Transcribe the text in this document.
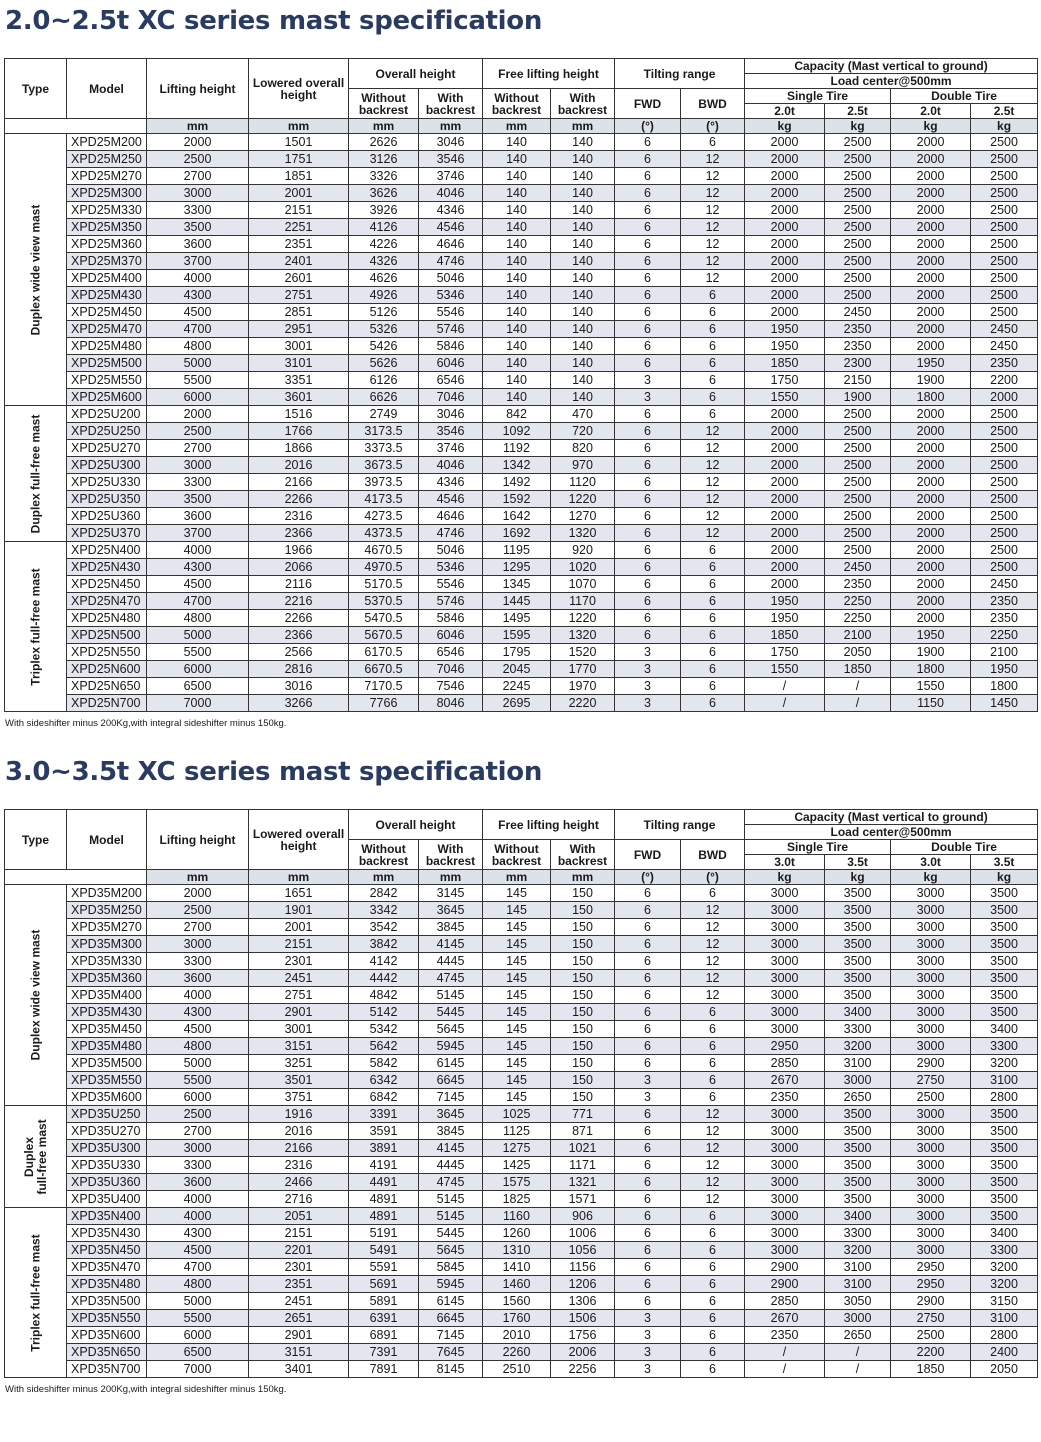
2.0~2.5t XC series mast specification
Type	Model	Lifting height	Lowered overall height	Overall height		Free lifting height		Tilting range		Capacity (Mast vertical to ground)			
										Load center@500mm			
				Without backrest	With backrest	Without backrest	With backrest	FWD	BWD	Single Tire		Double Tire	
										2.0t	2.5t	2.0t	2.5t
		mm	mm	mm	mm	mm	mm	(°)	(°)	kg	kg	kg	kg

Duplex wide view mast	XPD25M200	2000	1501	2626	3046	140	140	6	6	2000	2500	2000	2500
	XPD25M250	2500	1751	3126	3546	140	140	6	12	2000	2500	2000	2500
	XPD25M270	2700	1851	3326	3746	140	140	6	12	2000	2500	2000	2500
	XPD25M300	3000	2001	3626	4046	140	140	6	12	2000	2500	2000	2500
	XPD25M330	3300	2151	3926	4346	140	140	6	12	2000	2500	2000	2500
	XPD25M350	3500	2251	4126	4546	140	140	6	12	2000	2500	2000	2500
	XPD25M360	3600	2351	4226	4646	140	140	6	12	2000	2500	2000	2500
	XPD25M370	3700	2401	4326	4746	140	140	6	12	2000	2500	2000	2500
	XPD25M400	4000	2601	4626	5046	140	140	6	12	2000	2500	2000	2500
	XPD25M430	4300	2751	4926	5346	140	140	6	6	2000	2500	2000	2500
	XPD25M450	4500	2851	5126	5546	140	140	6	6	2000	2450	2000	2500
	XPD25M470	4700	2951	5326	5746	140	140	6	6	1950	2350	2000	2450
	XPD25M480	4800	3001	5426	5846	140	140	6	6	1950	2350	2000	2450
	XPD25M500	5000	3101	5626	6046	140	140	6	6	1850	2300	1950	2350
	XPD25M550	5500	3351	6126	6546	140	140	3	6	1750	2150	1900	2200
	XPD25M600	6000	3601	6626	7046	140	140	3	6	1550	1900	1800	2000

Duplex full-free mast	XPD25U200	2000	1516	2749	3046	842	470	6	6	2000	2500	2000	2500
	XPD25U250	2500	1766	3173.5	3546	1092	720	6	12	2000	2500	2000	2500
	XPD25U270	2700	1866	3373.5	3746	1192	820	6	12	2000	2500	2000	2500
	XPD25U300	3000	2016	3673.5	4046	1342	970	6	12	2000	2500	2000	2500
	XPD25U330	3300	2166	3973.5	4346	1492	1120	6	12	2000	2500	2000	2500
	XPD25U350	3500	2266	4173.5	4546	1592	1220	6	12	2000	2500	2000	2500
	XPD25U360	3600	2316	4273.5	4646	1642	1270	6	12	2000	2500	2000	2500
	XPD25U370	3700	2366	4373.5	4746	1692	1320	6	12	2000	2500	2000	2500

Triplex full-free mast	XPD25N400	4000	1966	4670.5	5046	1195	920	6	6	2000	2500	2000	2500
	XPD25N430	4300	2066	4970.5	5346	1295	1020	6	6	2000	2450	2000	2500
	XPD25N450	4500	2116	5170.5	5546	1345	1070	6	6	2000	2350	2000	2450
	XPD25N470	4700	2216	5370.5	5746	1445	1170	6	6	1950	2250	2000	2350
	XPD25N480	4800	2266	5470.5	5846	1495	1220	6	6	1950	2250	2000	2350
	XPD25N500	5000	2366	5670.5	6046	1595	1320	6	6	1850	2100	1950	2250
	XPD25N550	5500	2566	6170.5	6546	1795	1520	3	6	1750	2050	1900	2100
	XPD25N600	6000	2816	6670.5	7046	2045	1770	3	6	1550	1850	1800	1950
	XPD25N650	6500	3016	7170.5	7546	2245	1970	3	6	/	/	1550	1800
	XPD25N700	7000	3266	7766	8046	2695	2220	3	6	/	/	1150	1450
With sideshifter minus 200Kg,with integral sideshifter minus 150kg.
3.0~3.5t XC series mast specification
Type	Model	Lifting height	Lowered overall height	Overall height		Free lifting height		Tilting range		Capacity (Mast vertical to ground)			
										Load center@500mm			
				Without backrest	With backrest	Without backrest	With backrest	FWD	BWD	Single Tire		Double Tire	
										3.0t	3.5t	3.0t	3.5t
		mm	mm	mm	mm	mm	mm	(°)	(°)	kg	kg	kg	kg

Duplex wide view mast	XPD35M200	2000	1651	2842	3145	145	150	6	6	3000	3500	3000	3500
	XPD35M250	2500	1901	3342	3645	145	150	6	12	3000	3500	3000	3500
	XPD35M270	2700	2001	3542	3845	145	150	6	12	3000	3500	3000	3500
	XPD35M300	3000	2151	3842	4145	145	150	6	12	3000	3500	3000	3500
	XPD35M330	3300	2301	4142	4445	145	150	6	12	3000	3500	3000	3500
	XPD35M360	3600	2451	4442	4745	145	150	6	12	3000	3500	3000	3500
	XPD35M400	4000	2751	4842	5145	145	150	6	12	3000	3500	3000	3500
	XPD35M430	4300	2901	5142	5445	145	150	6	6	3000	3400	3000	3500
	XPD35M450	4500	3001	5342	5645	145	150	6	6	3000	3300	3000	3400
	XPD35M480	4800	3151	5642	5945	145	150	6	6	2950	3200	3000	3300
	XPD35M500	5000	3251	5842	6145	145	150	6	6	2850	3100	2900	3200
	XPD35M550	5500	3501	6342	6645	145	150	3	6	2670	3000	2750	3100
	XPD35M600	6000	3751	6842	7145	145	150	3	6	2350	2650	2500	2800

Duplex full-free mast	XPD35U250	2500	1916	3391	3645	1025	771	6	12	3000	3500	3000	3500
	XPD35U270	2700	2016	3591	3845	1125	871	6	12	3000	3500	3000	3500
	XPD35U300	3000	2166	3891	4145	1275	1021	6	12	3000	3500	3000	3500
	XPD35U330	3300	2316	4191	4445	1425	1171	6	12	3000	3500	3000	3500
	XPD35U360	3600	2466	4491	4745	1575	1321	6	12	3000	3500	3000	3500
	XPD35U400	4000	2716	4891	5145	1825	1571	6	12	3000	3500	3000	3500

Triplex full-free mast	XPD35N400	4000	2051	4891	5145	1160	906	6	6	3000	3400	3000	3500
	XPD35N430	4300	2151	5191	5445	1260	1006	6	6	3000	3300	3000	3400
	XPD35N450	4500	2201	5491	5645	1310	1056	6	6	3000	3200	3000	3300
	XPD35N470	4700	2301	5591	5845	1410	1156	6	6	2900	3100	2950	3200
	XPD35N480	4800	2351	5691	5945	1460	1206	6	6	2900	3100	2950	3200
	XPD35N500	5000	2451	5891	6145	1560	1306	6	6	2850	3050	2900	3150
	XPD35N550	5500	2651	6391	6645	1760	1506	3	6	2670	3000	2750	3100
	XPD35N600	6000	2901	6891	7145	2010	1756	3	6	2350	2650	2500	2800
	XPD35N650	6500	3151	7391	7645	2260	2006	3	6	/	/	2200	2400
	XPD35N700	7000	3401	7891	8145	2510	2256	3	6	/	/	1850	2050
With sideshifter minus 200Kg,with integral sideshifter minus 150kg.
